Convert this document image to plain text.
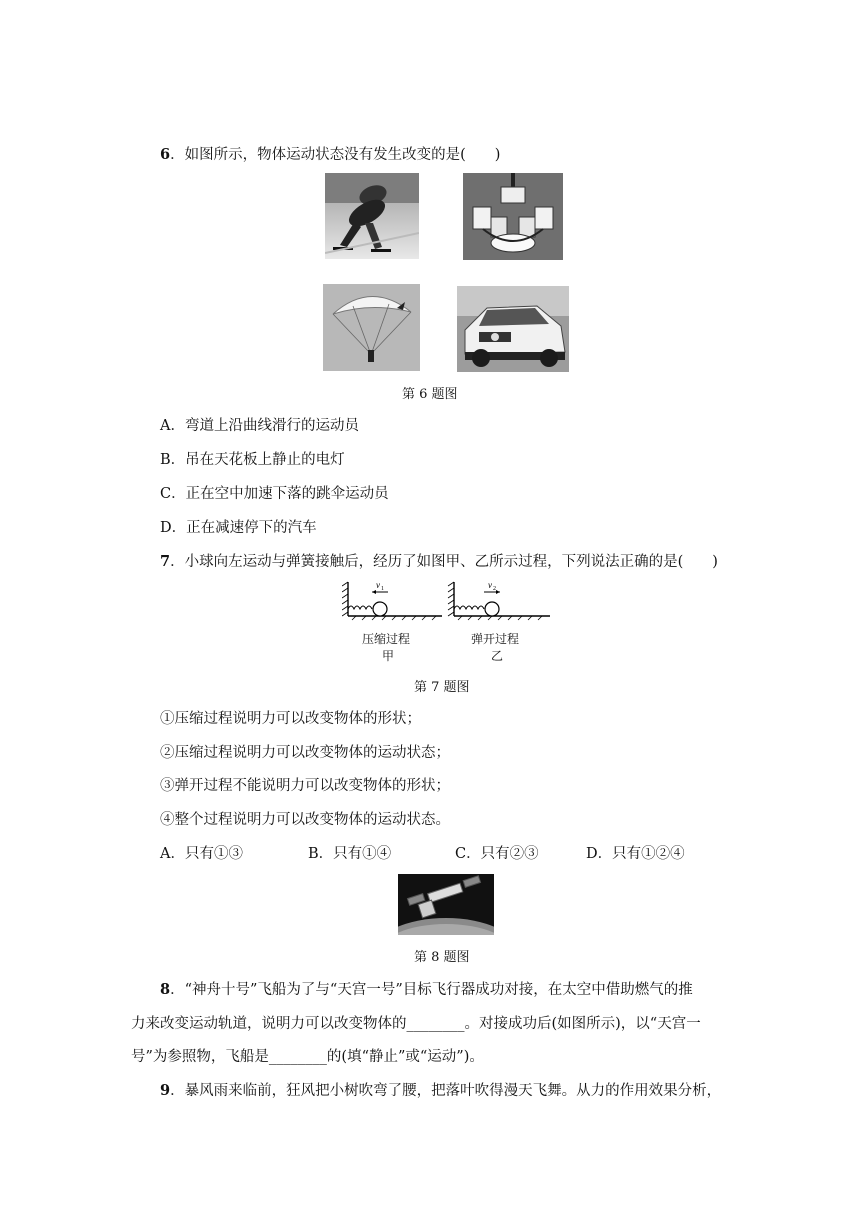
6．如图所示，物体运动状态没有发生改变的是(　　)
第 6 题图
A．弯道上沿曲线滑行的运动员
B．吊在天花板上静止的电灯
C．正在空中加速下落的跳伞运动员
D．正在减速停下的汽车
7．小球向左运动与弹簧接触后，经历了如图甲、乙所示过程，下列说法正确的是(　　)
v 1	v 2
压缩过程
甲
弹开过程
乙
第 7 题图
①压缩过程说明力可以改变物体的形状；
②压缩过程说明力可以改变物体的运动状态；
③弹开过程不能说明力可以改变物体的形状；
④整个过程说明力可以改变物体的运动状态。
A．只有①③	B．只有①④	C．只有②③	D．只有①②④
第 8 题图
8．“神舟十号”飞船为了与“天宫一号”目标飞行器成功对接，在太空中借助燃气的推
力来改变运动轨道，说明力可以改变物体的________。对接成功后(如图所示)，以“天宫一
号”为参照物，飞船是________的(填“静止”或“运动”)。
9．暴风雨来临前，狂风把小树吹弯了腰，把落叶吹得漫天飞舞。从力的作用效果分析，
